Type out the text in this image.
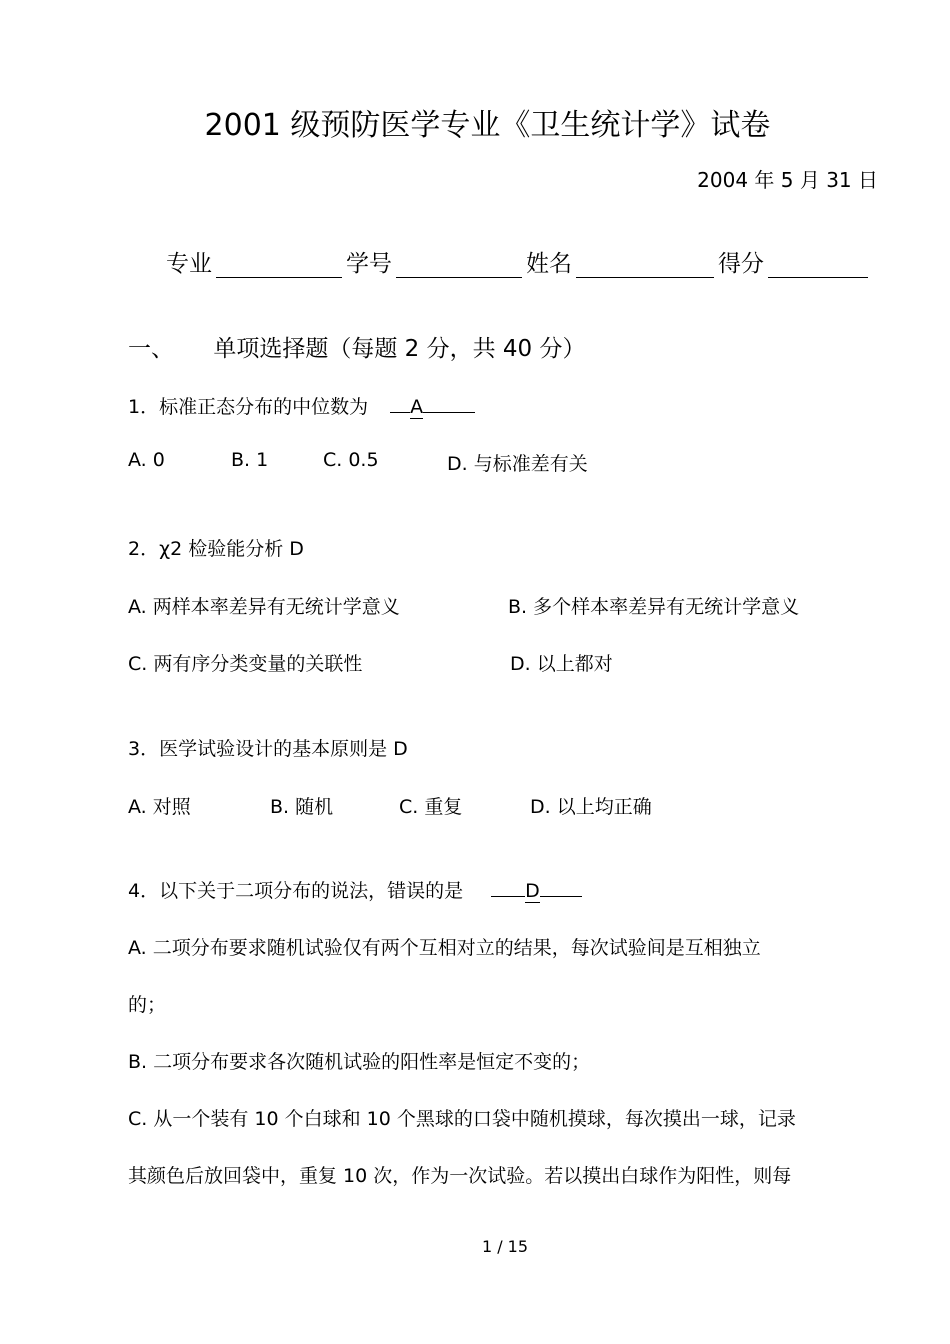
2001 级预防医学专业《卫生统计学》试卷
2004 年 5 月 31 日
专业	学号	姓名	得分
一、 单项选择题（每题 2 分，共 40 分）
1．标准正态分布的中位数为 A
A. 0	B. 1	C. 0.5	D. 与标准差有关
2．χ2 检验能分析 D
A. 两样本率差异有无统计学意义	B. 多个样本率差异有无统计学意义
C. 两有序分类变量的关联性	D. 以上都对
3．医学试验设计的基本原则是 D
A. 对照	B. 随机	C. 重复	D. 以上均正确
4．以下关于二项分布的说法，错误的是	D
A. 二项分布要求随机试验仅有两个互相对立的结果，每次试验间是互相独立
的；
B. 二项分布要求各次随机试验的阳性率是恒定不变的；
C. 从一个装有 10 个白球和 10 个黑球的口袋中随机摸球，每次摸出一球，记录
其颜色后放回袋中，重复 10 次，作为一次试验。若以摸出白球作为阳性，则每
1 / 15
